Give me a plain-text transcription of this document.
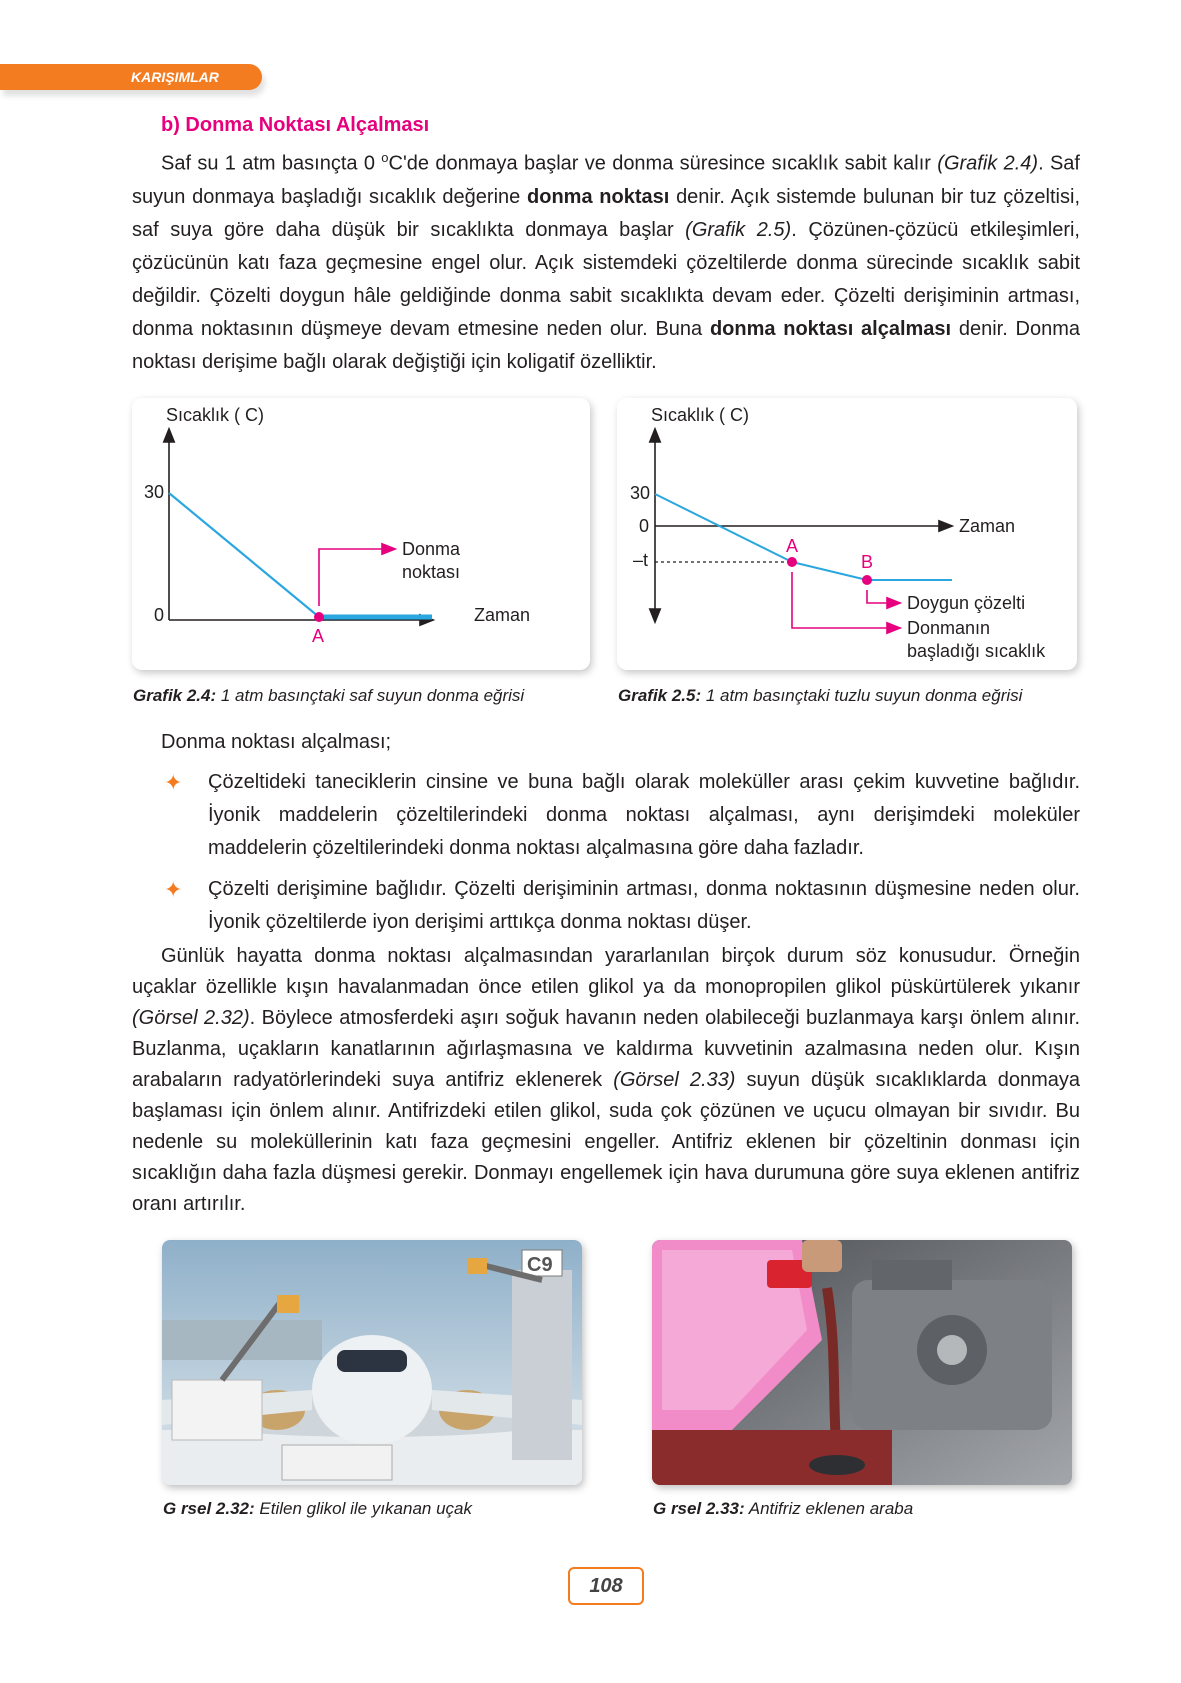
KARIŞIMLAR
b) Donma Noktası Alçalması

Saf su 1 atm basınçta 0 $^o$C'de donmaya başlar ve donma süresince sıcaklık sabit kalır (Grafik 2.4). Saf suyun donmaya başladığı sıcaklık değerine donma noktası denir. Açık sistemde bulunan bir tuz çözeltisi, saf suya göre daha düşük bir sıcaklıkta donmaya başlar (Grafik 2.5). Çözünen-çözücü etkileşimleri, çözücünün katı faza geçmesine engel olur. Açık sistemdeki çözeltilerde donma sürecinde sıcaklık sabit değildir. Çözelti doygun hâle geldiğinde donma sabit sıcaklıkta devam eder. Çözelti derişiminin artması, donma noktasının düşmeye devam etmesine neden olur. Buna donma noktası alçalması denir. Donma noktası derişime bağlı olarak değiştiği için koligatif özelliktir.

Sıcaklık ( C)
30
0	Zaman
A
Donma
noktası
Grafik 2.4: 1 atm basınçtaki saf suyun donma eğrisi
Sıcaklık ( C)
30
0
–t
Zaman
A
B
Doygun çözelti
Donmanın
başladığı sıcaklık
Grafik 2.5: 1 atm basınçtaki tuzlu suyun donma eğrisi
Donma noktası alçalması;
✦ Çözeltideki taneciklerin cinsine ve buna bağlı olarak moleküller arası çekim kuvvetine bağlıdır. İyonik maddelerin çözeltilerindeki donma noktası alçalması, aynı derişimdeki moleküler maddelerin çözeltilerindeki donma noktası alçalmasına göre daha fazladır.
✦ Çözelti derişimine bağlıdır. Çözelti derişiminin artması, donma noktasının düşmesine neden olur. İyonik çözeltilerde iyon derişimi arttıkça donma noktası düşer.

Günlük hayatta donma noktası alçalmasından yararlanılan birçok durum söz konusudur. Örneğin uçaklar özellikle kışın havalanmadan önce etilen glikol ya da monopropilen glikol püskürtülerek yıkanır (Görsel 2.32). Böylece atmosferdeki aşırı soğuk havanın neden olabileceği buzlanmaya karşı önlem alınır. Buzlanma, uçakların kanatlarının ağırlaşmasına ve kaldırma kuvvetinin azalmasına neden olur. Kışın arabaların radyatörlerindeki suya antifriz eklenerek (Görsel 2.33) suyun düşük sıcaklıklarda donmaya başlaması için önlem alınır. Antifrizdeki etilen glikol, suda çok çözünen ve uçucu olmayan bir sıvıdır. Bu nedenle su moleküllerinin katı faza geçmesini engeller. Antifriz eklenen bir çözeltinin donması için sıcaklığın daha fazla düşmesi gerekir. Donmayı engellemek için hava durumuna göre suya eklenen antifriz oranı artırılır.

C9
G rsel 2.32: Etilen glikol ile yıkanan uçak	G rsel 2.33: Antifriz eklenen araba
108
